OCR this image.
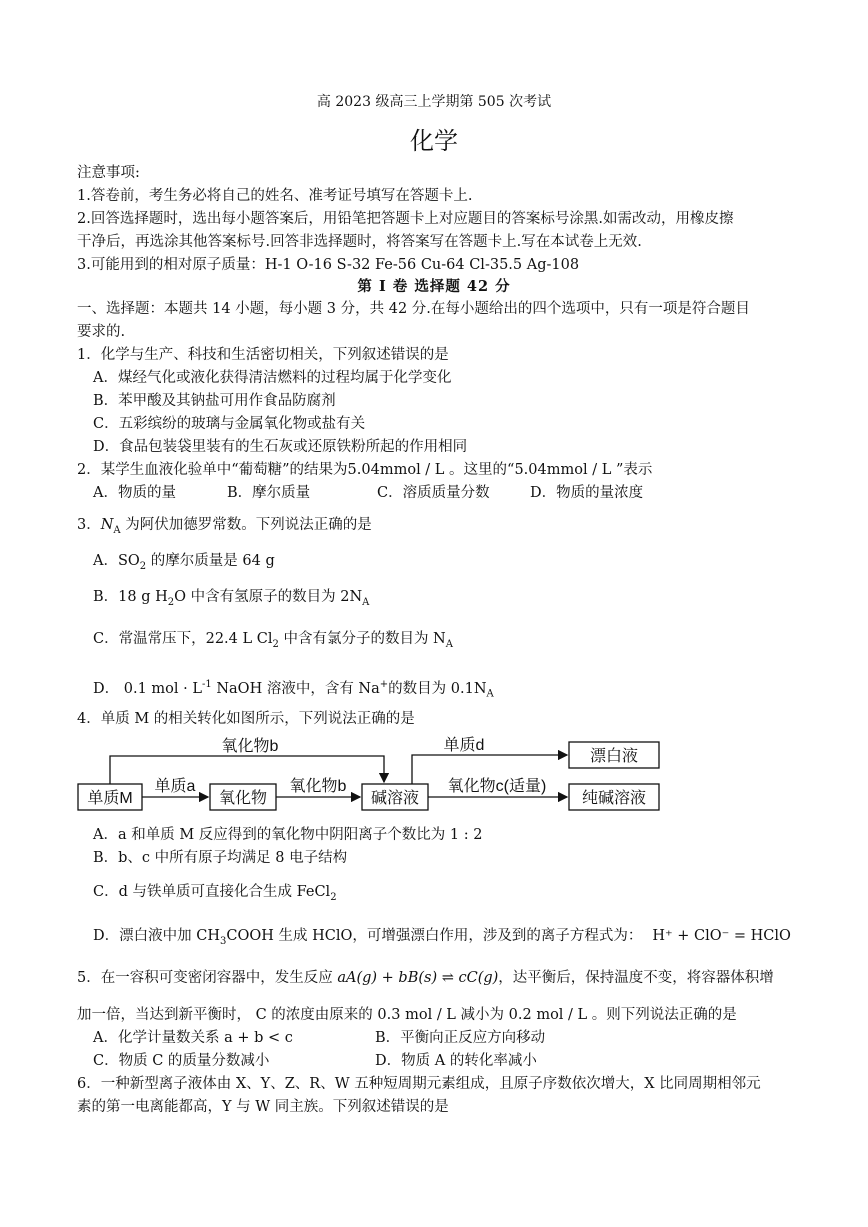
高 2023 级高三上学期第 505 次考试
化学
注意事项:
1.答卷前，考生务必将自己的姓名、准考证号填写在答题卡上.
2.回答选择题时，选出每小题答案后，用铅笔把答题卡上对应题目的答案标号涂黑.如需改动，用橡皮擦
干净后，再选涂其他答案标号.回答非选择题时，将答案写在答题卡上.写在本试卷上无效.
3.可能用到的相对原子质量：H-1 O-16 S-32 Fe-56 Cu-64 Cl-35.5 Ag-108
第 I 卷 选择题 42 分
一、选择题：本题共 14 小题，每小题 3 分，共 42 分.在每小题给出的四个选项中，只有一项是符合题目
要求的.
1．化学与生产、科技和生活密切相关，下列叙述错误的是
A．煤经气化或液化获得清洁燃料的过程均属于化学变化
B．苯甲酸及其钠盐可用作食品防腐剂
C．五彩缤纷的玻璃与金属氧化物或盐有关
D．食品包装袋里装有的生石灰或还原铁粉所起的作用相同
2．某学生血液化验单中“葡萄糖”的结果为5.04mmol / L 。这里的“5.04mmol / L ”表示
A．物质的量	B．摩尔质量	C．溶质质量分数	D．物质的量浓度
3．$N_A$ 为阿伏加德罗常数。下列说法正确的是
A．$SO_2$ 的摩尔质量是 64 g
B．18 g $H_2O$ 中含有氢原子的数目为 $2N_A$
C．常温常压下，22.4 L $Cl_2$ 中含有氯分子的数目为 $N_A$
D． 0.1 mol · $L^{-1}$ NaOH 溶液中，含有 Na+的数目为 $0.1N_A$
4．单质 M 的相关转化如图所示，下列说法正确的是
单质M	氧化物	碱溶液
漂白液
纯碱溶液
单质a
氧化物b
氧化物b
单质d
氧化物c(适量)
A．a 和单质 M 反应得到的氧化物中阴阳离子个数比为 1 : 2
B．b、c 中所有原子均满足 8 电子结构
C．d 与铁单质可直接化合生成 FeCl$_2$
D．漂白液中加 $CH_3COOH$ 生成 HClO，可增强漂白作用，涉及到的离子方程式为： H⁺ + ClO⁻ = HClO
5．在一容积可变密闭容器中，发生反应 aA(g) + bB(s) ⇌ cC(g)，达平衡后，保持温度不变，将容器体积增
加一倍，当达到新平衡时， C 的浓度由原来的 0.3 mol / L 减小为 0.2 mol / L 。则下列说法正确的是
A．化学计量数关系 a + b < c	B．平衡向正反应方向移动
C．物质 C 的质量分数减小	D．物质 A 的转化率减小
6．一种新型离子液体由 X、Y、Z、R、W 五种短周期元素组成，且原子序数依次增大，X 比同周期相邻元
素的第一电离能都高，Y 与 W 同主族。下列叙述错误的是
